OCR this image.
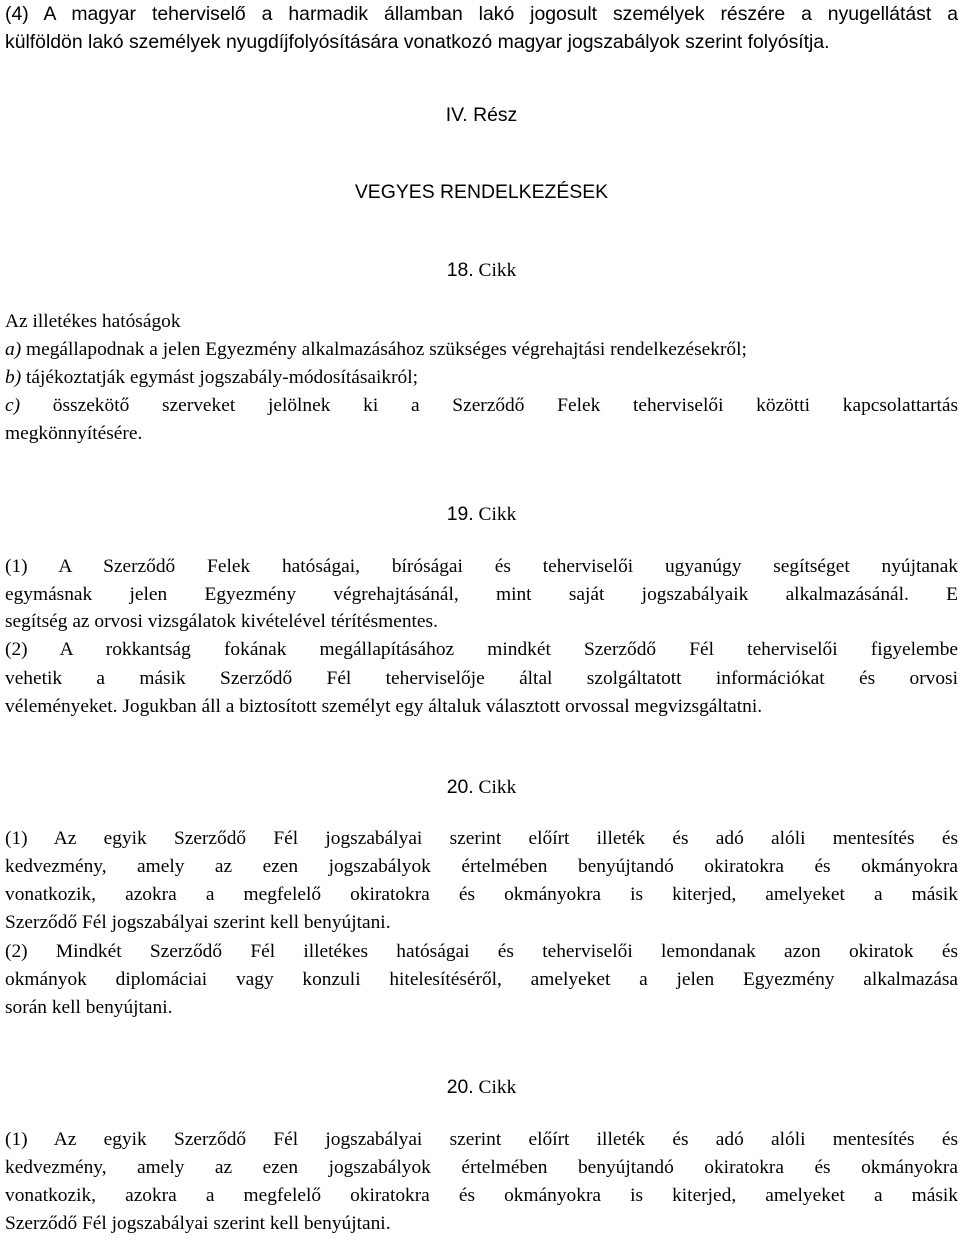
(4) A magyar teherviselő a harmadik államban lakó jogosult személyek részére a nyugellátást a
külföldön lakó személyek nyugdíjfolyósítására vonatkozó magyar jogszabályok szerint folyósítja.
IV. Rész
VEGYES RENDELKEZÉSEK
18. Cikk
Az illetékes hatóságok
a) megállapodnak a jelen Egyezmény alkalmazásához szükséges végrehajtási rendelkezésekről;
b) tájékoztatják egymást jogszabály-módosításaikról;
c) összekötő szerveket jelölnek ki a Szerződő Felek teherviselői közötti kapcsolattartás
megkönnyítésére.
19. Cikk
(1) A Szerződő Felek hatóságai, bíróságai és teherviselői ugyanúgy segítséget nyújtanak
egymásnak jelen Egyezmény végrehajtásánál, mint saját jogszabályaik alkalmazásánál. E
segítség az orvosi vizsgálatok kivételével térítésmentes.
(2) A rokkantság fokának megállapításához mindkét Szerződő Fél teherviselői figyelembe
vehetik a másik Szerződő Fél teherviselője által szolgáltatott információkat és orvosi
véleményeket. Jogukban áll a biztosított személyt egy általuk választott orvossal megvizsgáltatni.
20. Cikk
(1) Az egyik Szerződő Fél jogszabályai szerint előírt illeték és adó alóli mentesítés és
kedvezmény, amely az ezen jogszabályok értelmében benyújtandó okiratokra és okmányokra
vonatkozik, azokra a megfelelő okiratokra és okmányokra is kiterjed, amelyeket a másik
Szerződő Fél jogszabályai szerint kell benyújtani.
(2) Mindkét Szerződő Fél illetékes hatóságai és teherviselői lemondanak azon okiratok és
okmányok diplomáciai vagy konzuli hitelesítéséről, amelyeket a jelen Egyezmény alkalmazása
során kell benyújtani.
20. Cikk
(1) Az egyik Szerződő Fél jogszabályai szerint előírt illeték és adó alóli mentesítés és
kedvezmény, amely az ezen jogszabályok értelmében benyújtandó okiratokra és okmányokra
vonatkozik, azokra a megfelelő okiratokra és okmányokra is kiterjed, amelyeket a másik
Szerződő Fél jogszabályai szerint kell benyújtani.
